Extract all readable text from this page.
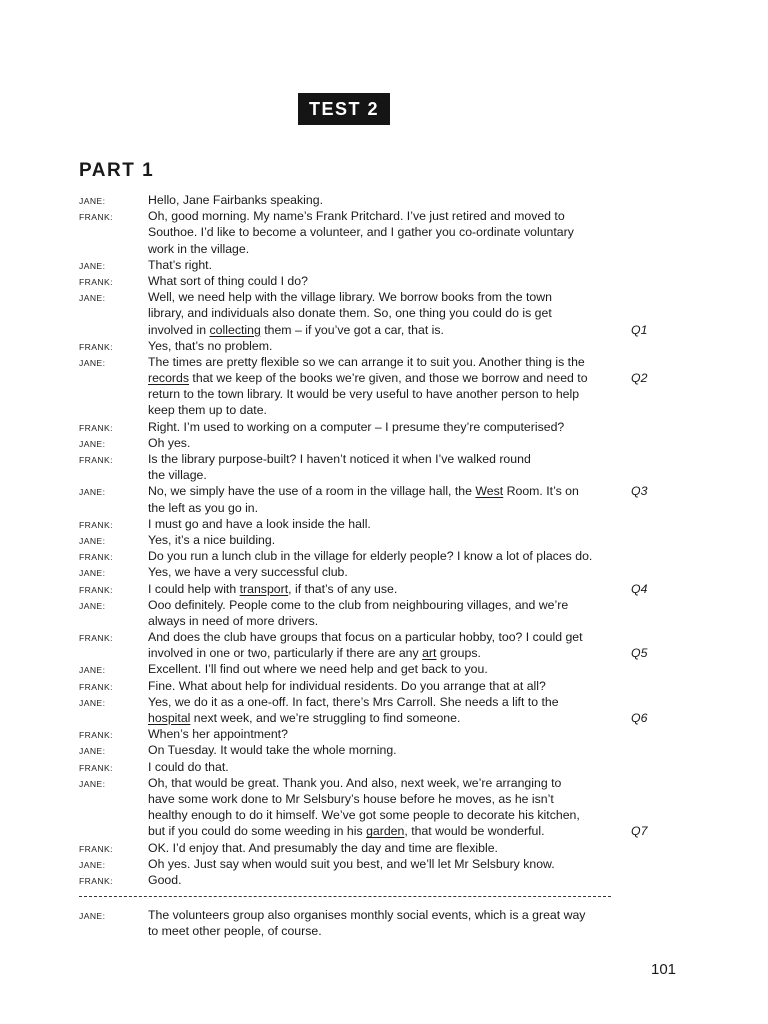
TEST 2
PART 1
JANE:	Hello, Jane Fairbanks speaking.
FRANK:	Oh, good morning. My name’s Frank Pritchard. I’ve just retired and moved to
Southoe. I’d like to become a volunteer, and I gather you co-ordinate voluntary
work in the village.
JANE:	That’s right.
FRANK:	What sort of thing could I do?
JANE:	Well, we need help with the village library. We borrow books from the town
library, and individuals also donate them. So, one thing you could do is get
involved in collecting them – if you’ve got a car, that is.	Q1
FRANK:	Yes, that’s no problem.
JANE:	The times are pretty flexible so we can arrange it to suit you. Another thing is the
records that we keep of the books we’re given, and those we borrow and need to	Q2
return to the town library. It would be very useful to have another person to help
keep them up to date.
FRANK:	Right. I’m used to working on a computer – I presume they’re computerised?
JANE:	Oh yes.
FRANK:	Is the library purpose-built? I haven’t noticed it when I’ve walked round
the village.
JANE:	No, we simply have the use of a room in the village hall, the West Room. It’s on	Q3
the left as you go in.
FRANK:	I must go and have a look inside the hall.
JANE:	Yes, it’s a nice building.
FRANK:	Do you run a lunch club in the village for elderly people? I know a lot of places do.
JANE:	Yes, we have a very successful club.
FRANK:	I could help with transport, if that’s of any use.	Q4
JANE:	Ooo definitely. People come to the club from neighbouring villages, and we’re
always in need of more drivers.
FRANK:	And does the club have groups that focus on a particular hobby, too? I could get
involved in one or two, particularly if there are any art groups.	Q5
JANE:	Excellent. I’ll find out where we need help and get back to you.
FRANK:	Fine. What about help for individual residents. Do you arrange that at all?
JANE:	Yes, we do it as a one-off. In fact, there’s Mrs Carroll. She needs a lift to the
hospital next week, and we’re struggling to find someone.	Q6
FRANK:	When’s her appointment?
JANE:	On Tuesday. It would take the whole morning.
FRANK:	I could do that.
JANE:	Oh, that would be great. Thank you. And also, next week, we’re arranging to
have some work done to Mr Selsbury’s house before he moves, as he isn’t
healthy enough to do it himself. We’ve got some people to decorate his kitchen,
but if you could do some weeding in his garden, that would be wonderful.	Q7
FRANK:	OK. I’d enjoy that. And presumably the day and time are flexible.
JANE:	Oh yes. Just say when would suit you best, and we’ll let Mr Selsbury know.
FRANK:	Good.
JANE:	The volunteers group also organises monthly social events, which is a great way
to meet other people, of course.
101
